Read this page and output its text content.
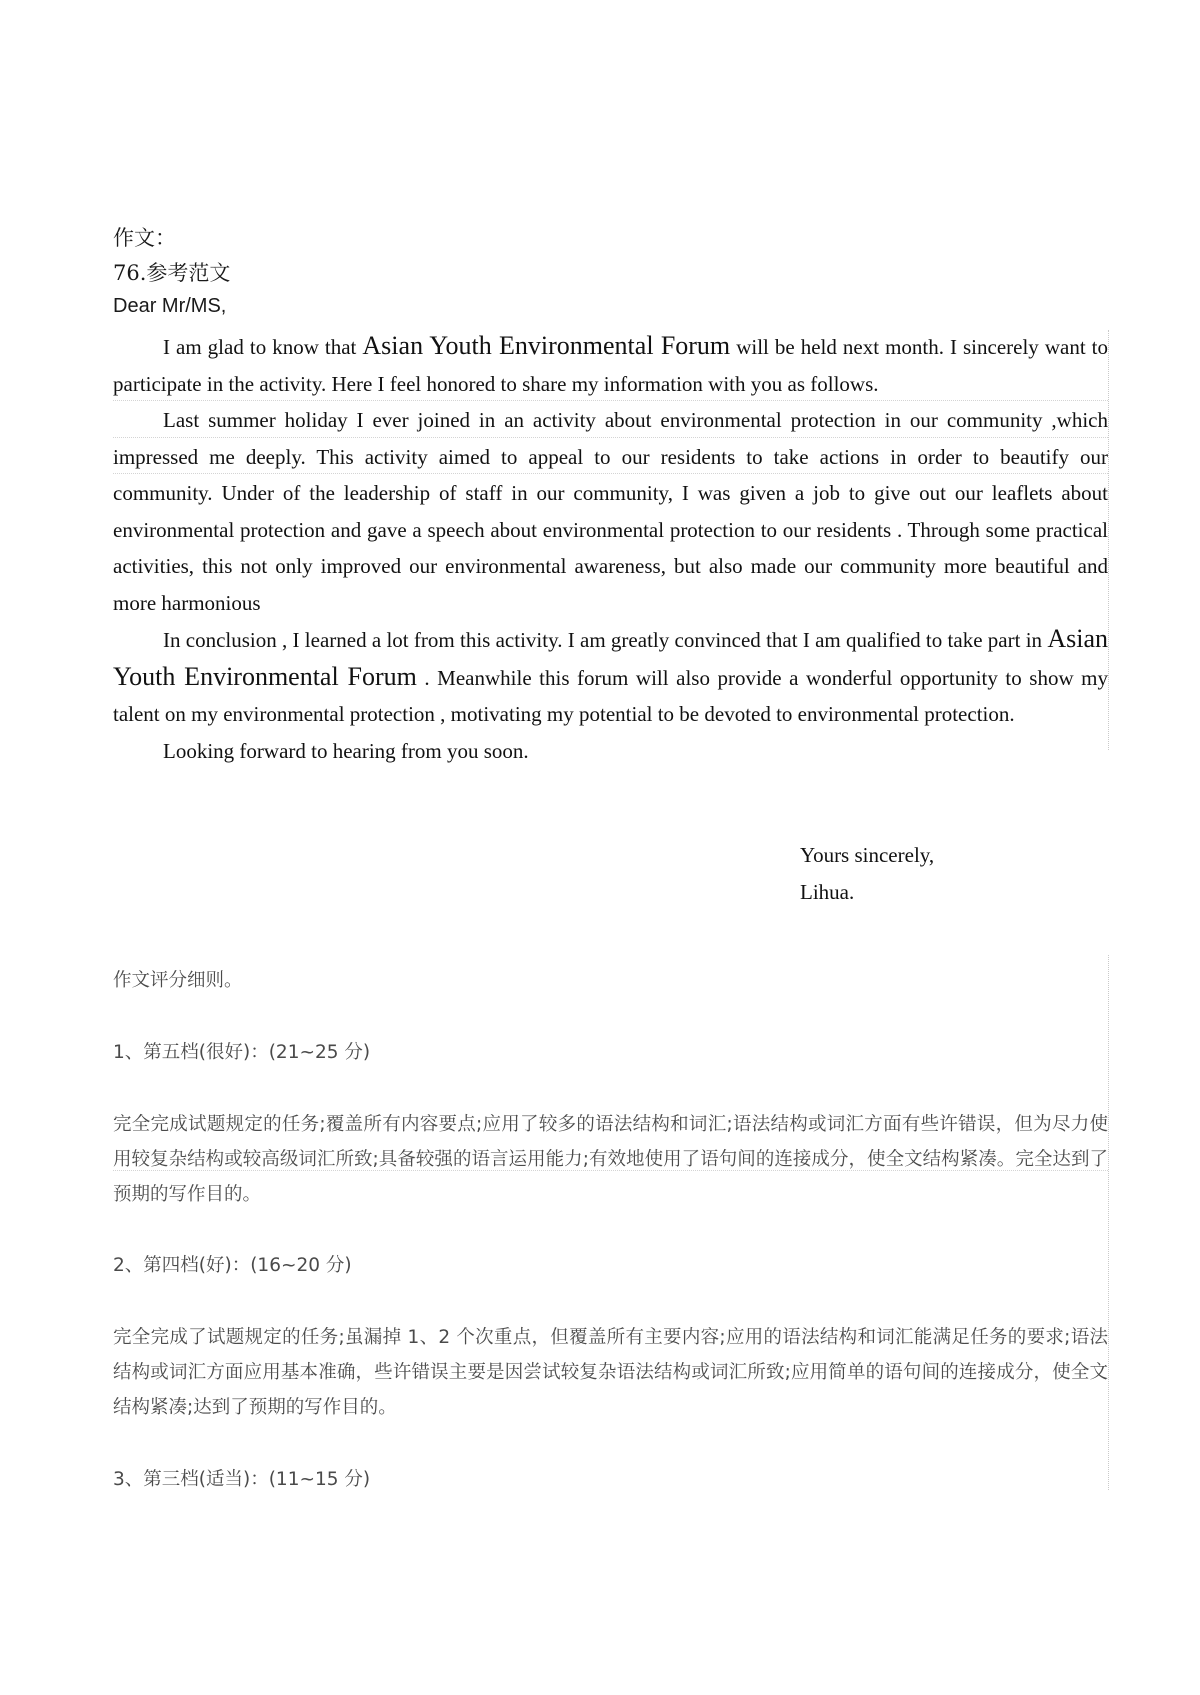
作文：
76.参考范文
Dear Mr/MS,

I am glad to know that Asian Youth Environmental Forum will be held next month. I sincerely want to participate in the activity. Here I feel honored to share my information with you as follows.

Last summer holiday I ever joined in an activity about environmental protection in our community ,which impressed me deeply. This activity aimed to appeal to our residents to take actions in order to beautify our community. Under of the leadership of staff in our community, I was given a job to give out our leaflets about environmental protection and gave a speech about environmental protection to our residents . Through some practical activities, this not only improved our environmental awareness, but also made our community more beautiful and more harmonious

In conclusion , I learned a lot from this activity. I am greatly convinced that I am qualified to take part in Asian Youth Environmental Forum . Meanwhile this forum will also provide a wonderful opportunity to show my talent on my environmental protection , motivating my potential to be devoted to environmental protection.

Looking forward to hearing from you soon.

Yours sincerely,
Lihua.
作文评分细则。
1、第五档(很好)：(21~25 分)
完全完成试题规定的任务;覆盖所有内容要点;应用了较多的语法结构和词汇;语法结构或词汇方面有些许错误，但为尽力使用较复杂结构或较高级词汇所致;具备较强的语言运用能力;有效地使用了语句间的连接成分，使全文结构紧凑。完全达到了预期的写作目的。
2、第四档(好)：(16~20 分)
完全完成了试题规定的任务;虽漏掉 1、2 个次重点，但覆盖所有主要内容;应用的语法结构和词汇能满足任务的要求;语法结构或词汇方面应用基本准确，些许错误主要是因尝试较复杂语法结构或词汇所致;应用简单的语句间的连接成分，使全文结构紧凑;达到了预期的写作目的。
3、第三档(适当)：(11~15 分)
